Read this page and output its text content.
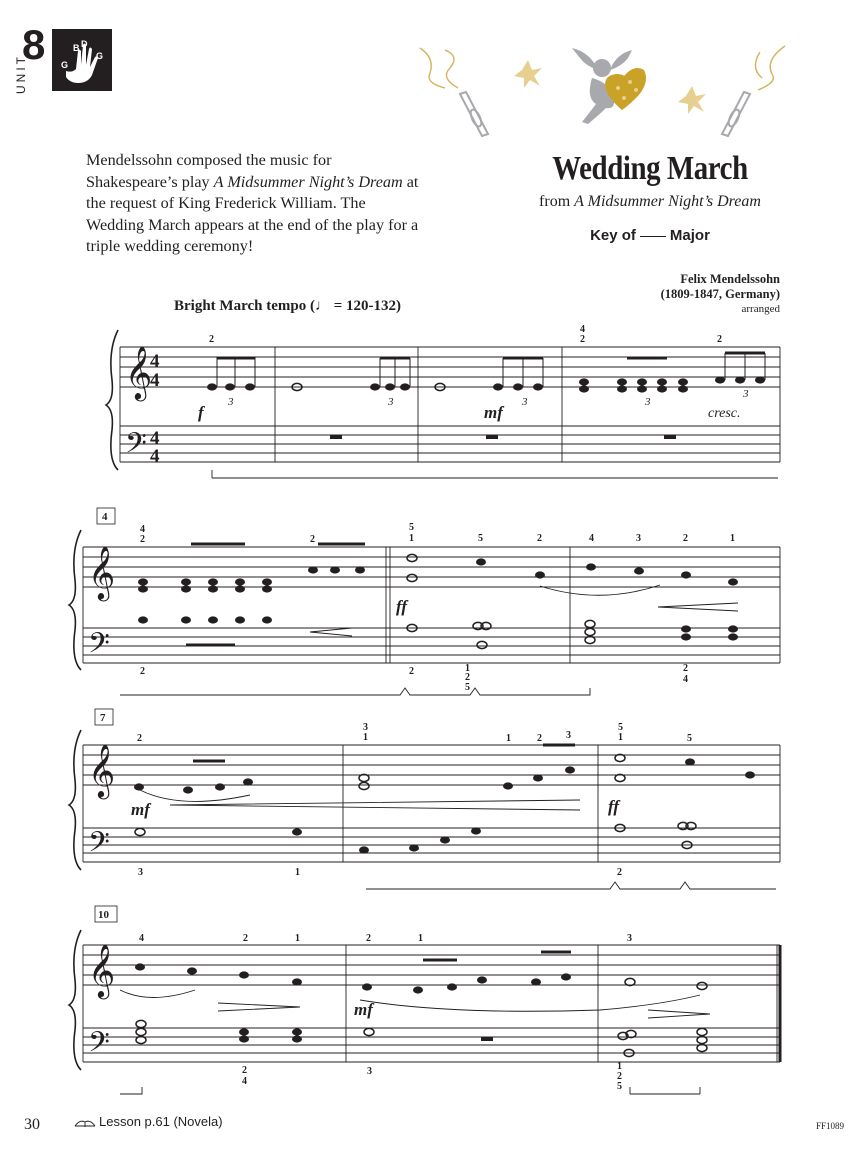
8
UNIT	G
B D
G
Mendelssohn composed the music for Shakespeare’s play A Midsummer Night’s Dream at the request of King Frederick William. The Wedding March appears at the end of the play for a triple wedding ceremony!
Wedding March
from A Midsummer Night’s Dream
Key of Major
Felix Mendelssohn
(1809-1847, Germany)
arranged
Bright March tempo (♩ = 120-132)
𝄞
𝄢
4
4
4
4
𝄞
𝄢
𝄞
𝄢
𝄞
𝄢
4
7
10
f	mf	cresc.
ff
mf	ff
mf
2
4
2	2
4
2	2
5
1	5	2	4	3	2	1
2	2	1
2
5
2
4
2
3
1	1	2 3
5
1	5
3	1	2
4	2	1	2	1	3
2
4
3	1
2
5
3	3	3	3
3
30	Lesson p.61 (Novela)	FF1089
